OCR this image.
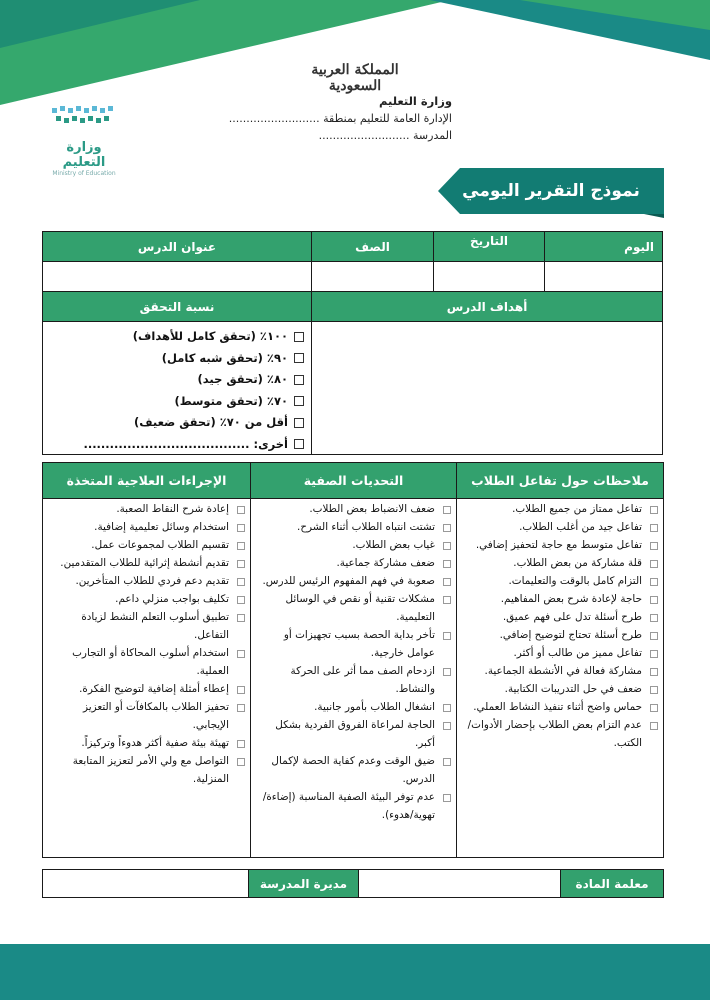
المملكة العربية السعودية
وزارة التعليم
الإدارة العامة للتعليم بمنطقة ..........................
المدرسة ..........................
وزارة التعليم
Ministry of Education
نموذج التقرير اليومي
اليوم
التاريخ
الصف
عنوان الدرس
أهداف الدرس
نسبة التحقق
١٠٠٪ (تحقق كامل للأهداف)
٩٠٪ (تحقق شبه كامل)
٨٠٪ (تحقق جيد)
٧٠٪ (تحقق متوسط)
أقل من ٧٠٪ (تحقق ضعيف)
أخرى: ......................................
ملاحظات حول تفاعل الطلاب
التحديات الصفية
الإجراءات العلاجية المتخذة
تفاعل ممتاز من جميع الطلاب.
تفاعل جيد من أغلب الطلاب.
تفاعل متوسط مع حاجة لتحفيز إضافي.
قلة مشاركة من بعض الطلاب.
التزام كامل بالوقت والتعليمات.
حاجة لإعادة شرح بعض المفاهيم.
طرح أسئلة تدل على فهم عميق.
طرح أسئلة تحتاج لتوضيح إضافي.
تفاعل مميز من طالب أو أكثر.
مشاركة فعالة في الأنشطة الجماعية.
ضعف في حل التدريبات الكتابية.
حماس واضح أثناء تنفيذ النشاط العملي.
عدم التزام بعض الطلاب بإحضار الأدوات/الكتب.
ضعف الانضباط بعض الطلاب.
تشتت انتباه الطلاب أثناء الشرح.
غياب بعض الطلاب.
ضعف مشاركة جماعية.
صعوبة في فهم المفهوم الرئيس للدرس.
مشكلات تقنية أو نقص في الوسائل التعليمية.
تأخر بداية الحصة بسبب تجهيزات أو عوامل خارجية.
ازدحام الصف مما أثر على الحركة والنشاط.
انشغال الطلاب بأمور جانبية.
الحاجة لمراعاة الفروق الفردية بشكل أكبر.
ضيق الوقت وعدم كفاية الحصة لإكمال الدرس.
عدم توفر البيئة الصفية المناسبة (إضاءة/تهوية/هدوء).
إعادة شرح النقاط الصعبة.
استخدام وسائل تعليمية إضافية.
تقسيم الطلاب لمجموعات عمل.
تقديم أنشطة إثرائية للطلاب المتقدمين.
تقديم دعم فردي للطلاب المتأخرين.
تكليف بواجب منزلي داعم.
تطبيق أسلوب التعلم النشط لزيادة التفاعل.
استخدام أسلوب المحاكاة أو التجارب العملية.
إعطاء أمثلة إضافية لتوضيح الفكرة.
تحفيز الطلاب بالمكافآت أو التعزيز الإيجابي.
تهيئة بيئة صفية أكثر هدوءاً وتركيزاً.
التواصل مع ولي الأمر لتعزيز المتابعة المنزلية.
معلمة المادة
مديرة المدرسة
